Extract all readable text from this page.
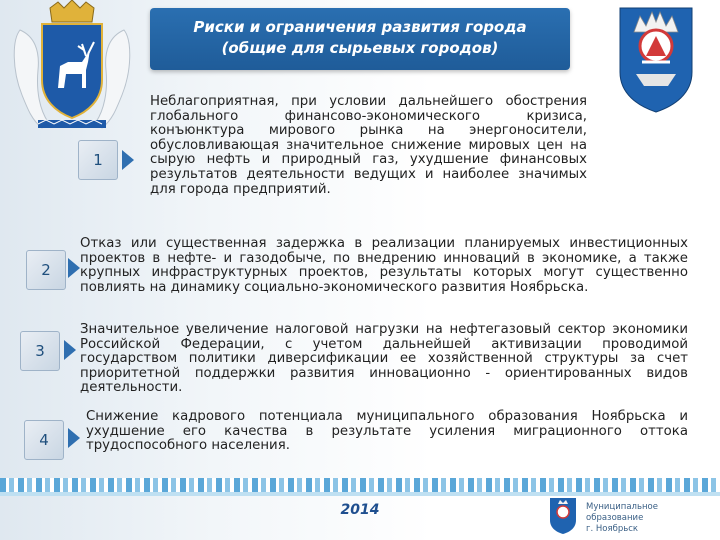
Риски и ограничения развития города
(общие для сырьевых городов)
1
Неблагоприятная, при условии дальнейшего обострения глобального финансово-экономического кризиса, конъюнктура мирового рынка на энергоносители, обусловливающая значительное снижение мировых цен на сырую нефть и природный газ, ухудшение финансовых результатов деятельности ведущих и наиболее значимых для города предприятий.
2
Отказ или существенная задержка в реализации планируемых инвестиционных проектов в нефте- и газодобыче, по внедрению инноваций в экономике, а также крупных инфраструктурных проектов, результаты которых могут существенно повлиять на динамику социально-экономического развития Ноябрьска.
3
Значительное увеличение налоговой нагрузки на нефтегазовый сектор экономики Российской Федерации, с учетом дальнейшей активизации проводимой государством политики диверсификации ее хозяйственной структуры за счет приоритетной поддержки развития инновационно - ориентированных видов деятельности.
4
Снижение кадрового потенциала муниципального образования Ноябрьска и ухудшение его качества в результате усиления миграционного оттока трудоспособного населения.
2014	Муниципальное образование
г. Ноябрьск
